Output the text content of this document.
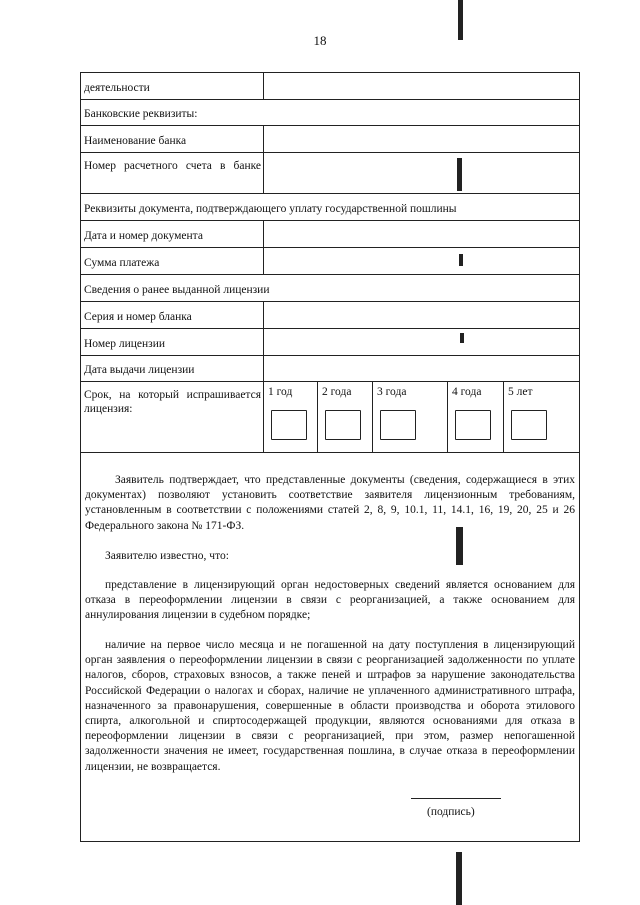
18
деятельности
Банковские реквизиты:
Наименование банка
Номер расчетного счета в банке
Реквизиты документа, подтверждающего уплату государственной пошлины
Дата и номер документа
Сумма платежа
Сведения о ранее выданной лицензии
Серия и номер бланка
Номер лицензии
Дата выдачи лицензии
Срок, на который испрашивается лицензия:
1 год	2 года 3 года	4 года 5 лет
Заявитель подтверждает, что представленные документы (сведения, содержащиеся в этих документах) позволяют установить соответствие заявителя лицензионным требованиям, установленным в соответствии с положениями статей 2, 8, 9, 10.1, 11, 14.1, 16, 19, 20, 25 и 26 Федерального закона № 171-ФЗ.
Заявителю известно, что:
представление в лицензирующий орган недостоверных сведений является основанием для отказа в переоформлении лицензии в связи с реорганизацией, а также основанием для аннулирования лицензии в судебном порядке;
наличие на первое число месяца и не погашенной на дату поступления в лицензирующий орган заявления о переоформлении лицензии в связи с реорганизацией задолженности по уплате налогов, сборов, страховых взносов, а также пеней и штрафов за нарушение законодательства Российской Федерации о налогах и сборах, наличие не уплаченного административного штрафа, назначенного за правонарушения, совершенные в области производства и оборота этилового спирта, алкогольной и спиртосодержащей продукции, являются основаниями для отказа в переоформлении лицензии в связи с реорганизацией, при этом, размер непогашенной задолженности значения не имеет, государственная пошлина, в случае отказа в переоформлении лицензии, не возвращается.
(подпись)
